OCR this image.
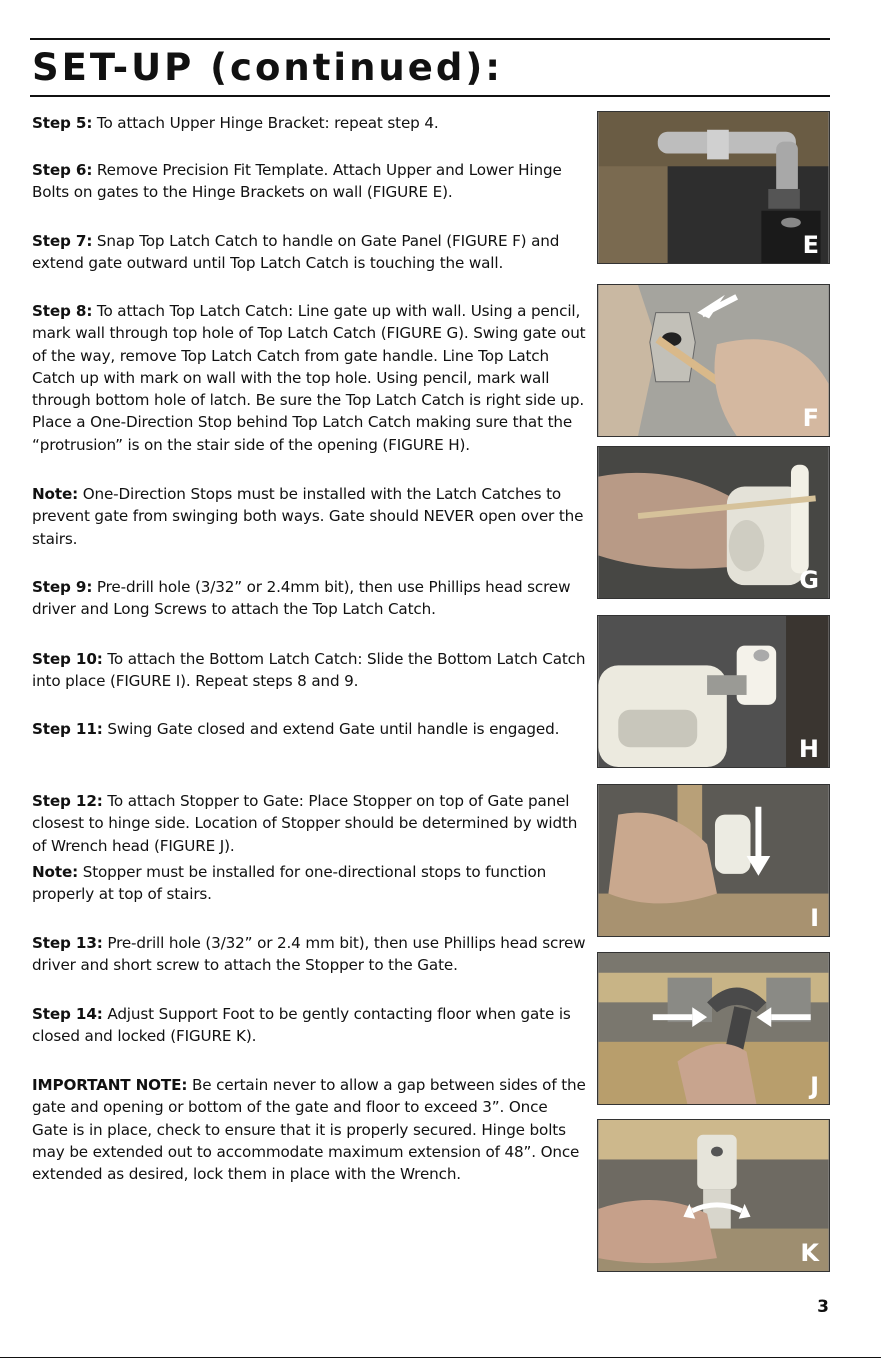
SET-UP (continued):

Step 5: To attach Upper Hinge Bracket: repeat step 4.

Step 6: Remove Precision Fit Template. Attach Upper and Lower Hinge Bolts on gates to the Hinge Brackets on wall (FIGURE E).

Step 7: Snap Top Latch Catch to handle on Gate Panel (FIGURE F) and extend gate outward until Top Latch Catch is touching the wall.

Step 8: To attach Top Latch Catch: Line gate up with wall. Using a pencil, mark wall through top hole of Top Latch Catch (FIGURE G). Swing gate out of the way, remove Top Latch Catch from gate handle. Line Top Latch Catch up with mark on wall with the top hole. Using pencil, mark wall through bottom hole of latch. Be sure the Top Latch Catch is right side up. Place a One-Direction Stop behind Top Latch Catch making sure that the “protrusion” is on the stair side of the opening (FIGURE H).

Note: One-Direction Stops must be installed with the Latch Catches to prevent gate from swinging both ways. Gate should NEVER open over the stairs.

Step 9: Pre-drill hole (3/32” or 2.4mm bit), then use Phillips head screw driver and Long Screws to attach the Top Latch Catch.

Step 10: To attach the Bottom Latch Catch: Slide the Bottom Latch Catch into place (FIGURE I). Repeat steps 8 and 9.

Step 11: Swing Gate closed and extend Gate until handle is engaged.

Step 12: To attach Stopper to Gate: Place Stopper on top of Gate panel closest to hinge side. Location of Stopper should be determined by width of Wrench head (FIGURE J).

Note: Stopper must be installed for one-directional stops to function properly at top of stairs.

Step 13: Pre-drill hole (3/32” or 2.4 mm bit), then use Phillips head screw driver and short screw to attach the Stopper to the Gate.

Step 14: Adjust Support Foot to be gently contacting floor when gate is closed and locked (FIGURE K).

IMPORTANT NOTE: Be certain never to allow a gap between sides of the gate and opening or bottom of the gate and floor to exceed 3”. Once Gate is in place, check to ensure that it is properly secured. Hinge bolts may be extended out to accommodate maximum extension of 48”. Once extended as desired, lock them in place with the Wrench.

E
F
G
H
I
J
K
3
